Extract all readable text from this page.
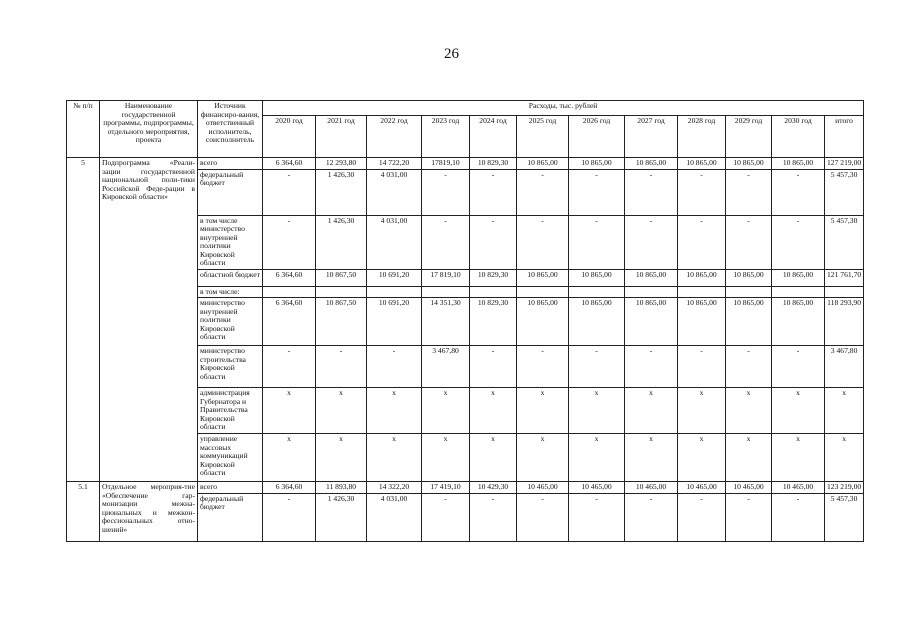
26
№ п/п	Наименование государственной программы, подпрограммы, отдельного мероприятия, проекта	Источник финансиро-вания, ответственный исполнитель, соисполнитель	Расходы, тыс. рублей											
			2020 год	2021 год	2022 год	2023 год	2024 год	2025 год	2026 год	2027 год	2028 год	2029 год	2030 год	итого
5	Подпрограмма «Реали-зации государственной национальной поли-тики Российской Феде-рации в Кировской области»	всего	6 364,60	12 293,80	14 722,20	17819,10	10 829,30	10 865,00	10 865,00	10 865,00	10 865,00	10 865,00	10 865,00	127 219,00
		федеральный бюджет	-	1 426,30	4 031,00	-	-	-	-	-	-	-	-	5 457,30
		в том числе министерство внутренней политики Кировской области	-	1 426,30	4 031,00	-	-	-	-	-	-	-	-	5 457,30
		областной бюджет	6 364,60	10 867,50	10 691,20	17 819,10	10 829,30	10 865,00	10 865,00	10 865,00	10 865,00	10 865,00	10 865,00	121 761,70
		в том числе:												
		министерство внутренней политики Кировской области	6 364,60	10 867,50	10 691,20	14 351,30	10 829,30	10 865,00	10 865,00	10 865,00	10 865,00	10 865,00	10 865,00	118 293,90
		министерство строительства Кировской области	-	-	-	3 467,80	-	-	-	-	-	-	-	3 467,80
		администрация Губернатора и Правительства Кировской области	x	x	x	x	x	x	x	x	x	x	x	x
		управление массовых коммуникаций Кировской области	x	x	x	x	x	x	x	x	x	x	x	x
5.1	Отдельное мероприя-тие «Обеспечение гар-монизации межна-циональных и межкон-фессиональных отно-шений»	всего	6 364,60	11 893,80	14 322,20	17 419,10	10 429,30	10 465,00	10 465,00	10 465,00	10 465,00	10 465,00	10 465,00	123 219,00
		федеральный бюджет	-	1 426,30	4 031,00	-	-	-	-	-	-	-	-	5 457,30
